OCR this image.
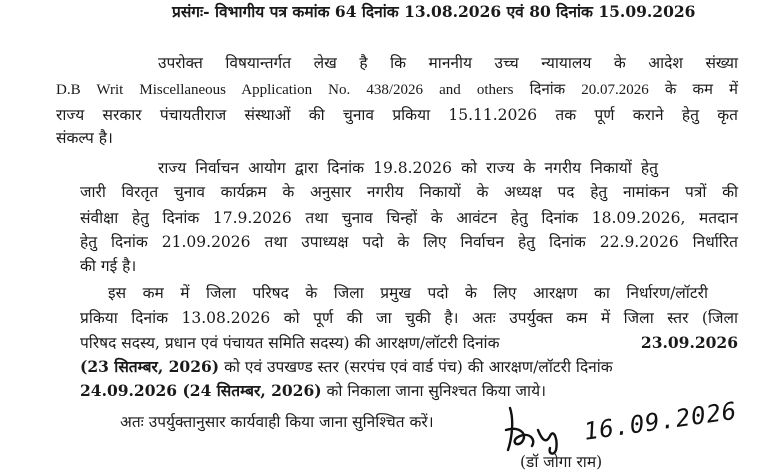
प्रसंगः- विभागीय पत्र कमांक 64 दिनांक 13.08.2026 एवं 80 दिनांक 15.09.2026
उपरोक्त विषयान्तर्गत लेख है कि माननीय उच्च न्यायालय के आदेश संख्या
D.B Writ Miscellaneous Application No. 438/2026 and others दिनांक 20.07.2026 के कम में
राज्य सरकार पंचायतीराज संस्थाओं की चुनाव प्रकिया 15.11.2026 तक पूर्ण कराने हेतु कृत
संकल्प है।
राज्य निर्वाचन आयोग द्वारा दिनांक 19.8.2026 को राज्य के नगरीय निकायों हेतु
जारी विरतृत चुनाव कार्यक्रम के अनुसार नगरीय निकायों के अध्यक्ष पद हेतु नामांकन पत्रों की
संवीक्षा हेतु दिनांक 17.9.2026 तथा चुनाव चिन्हों के आवंटन हेतु दिनांक 18.09.2026, मतदान
हेतु दिनांक 21.09.2026 तथा उपाध्यक्ष पदो के लिए निर्वाचन हेतु दिनांक 22.9.2026 निर्धारित
की गई है।
इस कम में जिला परिषद के जिला प्रमुख पदो के लिए आरक्षण का निर्धारण/लॉटरी
प्रकिया दिनांक 13.08.2026 को पूर्ण की जा चुकी है। अतः उपर्युक्त कम में जिला स्तर (जिला
परिषद सदस्य, प्रधान एवं पंचायत समिति सदस्य) की आरक्षण/लॉटरी दिनांक	23.09.2026
(23 सितम्बर, 2026) को एवं उपखण्ड स्तर (सरपंच एवं वार्ड पंच) की आरक्षण/लॉटरी दिनांक
24.09.2026 (24 सितम्बर, 2026) को निकाला जाना सुनिश्चत किया जाये।
अतः उपर्युक्तानुसार कार्यवाही किया जाना सुनिश्चित करें।	16.09.2026
(डॉ जोगा राम)
